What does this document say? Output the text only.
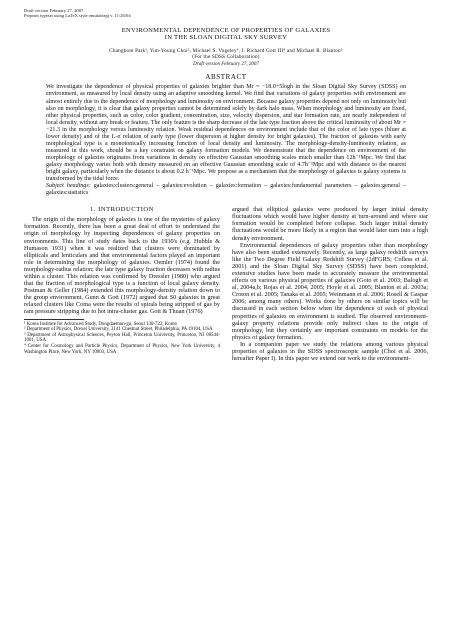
Draft version February 27, 2007
Preprint typeset using LaTeX style emulateapj v. 11/26/04
ENVIRONMENTAL DEPENDENCE OF PROPERTIES OF GALAXIES
IN THE SLOAN DIGITAL SKY SURVEY
Changbom Park¹, Yun-Young Choi², Michael S. Vogeley³, J. Richard Gott III⁴ and Michael R. Blanton⁵
(For the SDSS Collaboration)
Draft version February 27, 2007
ABSTRACT
We investigate the dependence of physical properties of galaxies brighter than Mr = −18.0+5logh in the Sloan Digital Sky Survey (SDSS) on environment, as measured by local density using an adaptive smoothing kernel. We find that variations of galaxy properties with environment are almost entirely due to the dependence of morphology and luminosity on environment. Because galaxy properties depend not only on luminosity but also on morphology, it is clear that galaxy properties cannot be determined solely by dark halo mass. When morphology and luminosity are fixed, other physical properties, such as color, color gradient, concentration, size, velocity dispersion, and star formation rate, are nearly independent of local density, without any break or feature. The only feature is the sharp decrease of the late type fraction above the critical luminosity of about Mr = −21.3 in the morphology versus luminosity relation. Weak residual dependences on environment include that of the color of late types (bluer at lower density) and of the L-σ relation of early type (lower dispersion at higher density for bright galaxies). The fraction of galaxies with early morphological type is a monotonically increasing function of local density and luminosity. The morphology-density-luminosity relation, as measured in this work, should be a key constraint on galaxy formation models. We demonstrate that the dependence on environment of the morphology of galaxies originates from variations in density on effective Gaussian smoothing scales much smaller than 12h⁻¹Mpc. We find that galaxy morphology varies both with density measured on an effective Gaussian smoothing scale of 4.7h⁻¹Mpc and with distance to the nearest bright galaxy, particularly when the distance is about 0.2 h⁻¹Mpc. We propose as a mechanism that the morphology of galaxies is galaxy systems is transformed by the tidal force.
Subject headings: galaxies:clusters:general – galaxies:evolution – galaxies:formation – galaxies:fundamental parameters – galaxies:general – galaxies:statistics
1. INTRODUCTION

The origin of the morphology of galaxies is one of the mysteries of galaxy formation. Recently, there has been a great deal of effort to understand the origin of morphology by inspecting dependences of galaxy properties on environments. This line of study dates back to the 1930's (e.g. Hubble & Humason 1931) when it was realized that clusters were dominated by ellipticals and lenticulars and that environmental factors played an important role in determining the morphology of galaxies. Oemler (1974) found the morphology-radius relation; the late type galaxy fraction decreases with radius within a cluster. This relation was confirmed by Dressler (1980) who argued that the fraction of morphological type is a function of local galaxy density. Postman & Geller (1984) extended this morphology-density relation down to the group environment. Gunn & Gott (1972) argued that S0 galaxies in great relaxed clusters like Coma were the results of spirals being stripped of gas by ram pressure stripping due to hot intra-cluster gas. Gott & Thuan (1976)

¹ Korea Institute for Advanced Study, Dongdaemun-gu, Seoul 130-722, Korea

² Department of Physics, Drexel University, 3141 Chestnut Street, Philadelphia, PA 19104, USA

³ Department of Astrophysical Sciences, Peyton Hall, Princeton University, Princeton, NJ 08544-1001, USA

⁴ Center for Cosmology and Particle Physics, Department of Physics, New York University, 4 Washington Place, New York, NY 10003, USA

argued that elliptical galaxies were produced by larger initial density fluctuations which would have higher density at turn-around and where star formation would be completed before collapse. Such larger initial density fluctuations would be more likely in a region that would later turn into a high density environment.

Environmental dependences of galaxy properties other than morphology have also been studied extensively. Recently, as large galaxy redshift surveys like the Two Degree Field Galaxy Redshift Survey (2dFGRS; Colless et al. 2001) and the Sloan Digital Sky Survey (SDSS) have been completed, extensive studies have been made to accurately measure the environmental effects on various physical properties of galaxies (Goto et al. 2003; Balogh et al. 2004a,b; Rojas et al. 2004, 2005; Hoyle et al. 2005; Blanton et al. 2003a; Croton et al. 2005; Tanaka et al. 2005; Weinmann et al. 2006; Rosell & Gaspar 2006; among many others). Works done by others on similar topics will be discussed in each section below when the dependence of each of physical properties of galaxies on environment is studied. The observed environment-galaxy property relations provide only indirect clues to the origin of morphology, but they certainly are important constraints on models for the physics of galaxy formation.

In a companion paper we study the relations among various physical properties of galaxies in the SDSS spectroscopic sample (Choi et al. 2006, hereafter Paper I). In this paper we extend our work to the environment-
